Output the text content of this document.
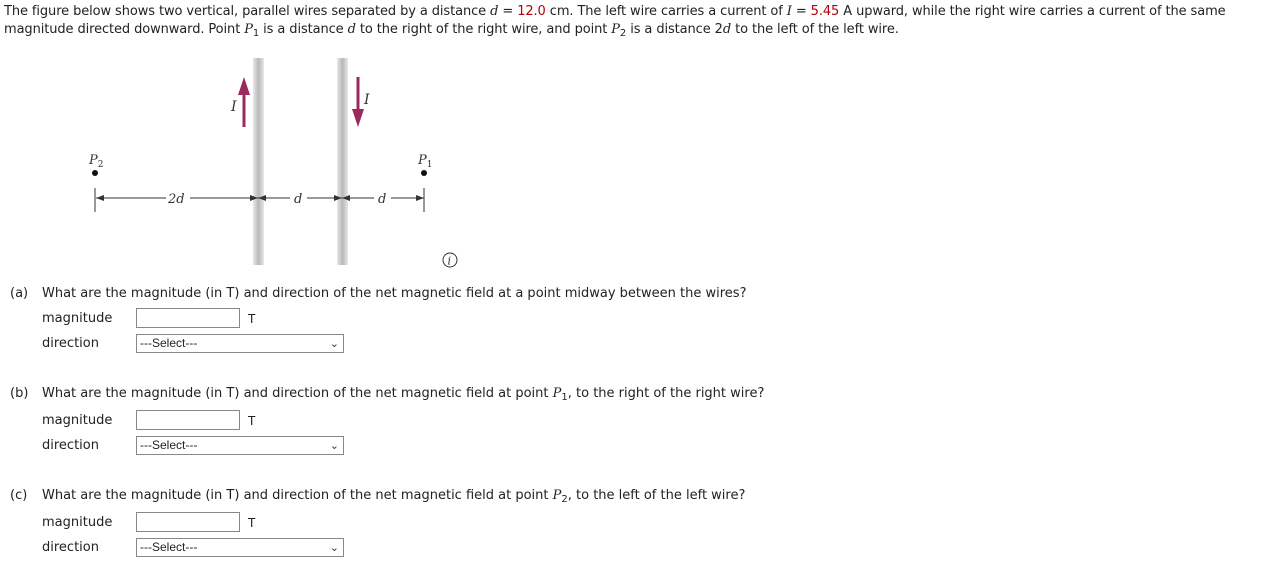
The figure below shows two vertical, parallel wires separated by a distance d = 12.0 cm. The left wire carries a current of I = 5.45 A upward, while the right wire carries a current of the same magnitude directed downward. Point $P_1$ is a distance d to the right of the right wire, and point $P_2$ is a distance 2d to the left of the left wire.
I	I
$P_2$	$P_1$
2d	d	d
i
(a) What are the magnitude (in T) and direction of the net magnetic field at a point midway between the wires?
magnitude	T
direction	---Select---	⌄
(b) What are the magnitude (in T) and direction of the net magnetic field at point $P_1$, to the right of the right wire?
magnitude	T
direction	---Select---	⌄
(c) What are the magnitude (in T) and direction of the net magnetic field at point $P_2$, to the left of the left wire?
magnitude	T
direction	---Select---	⌄
